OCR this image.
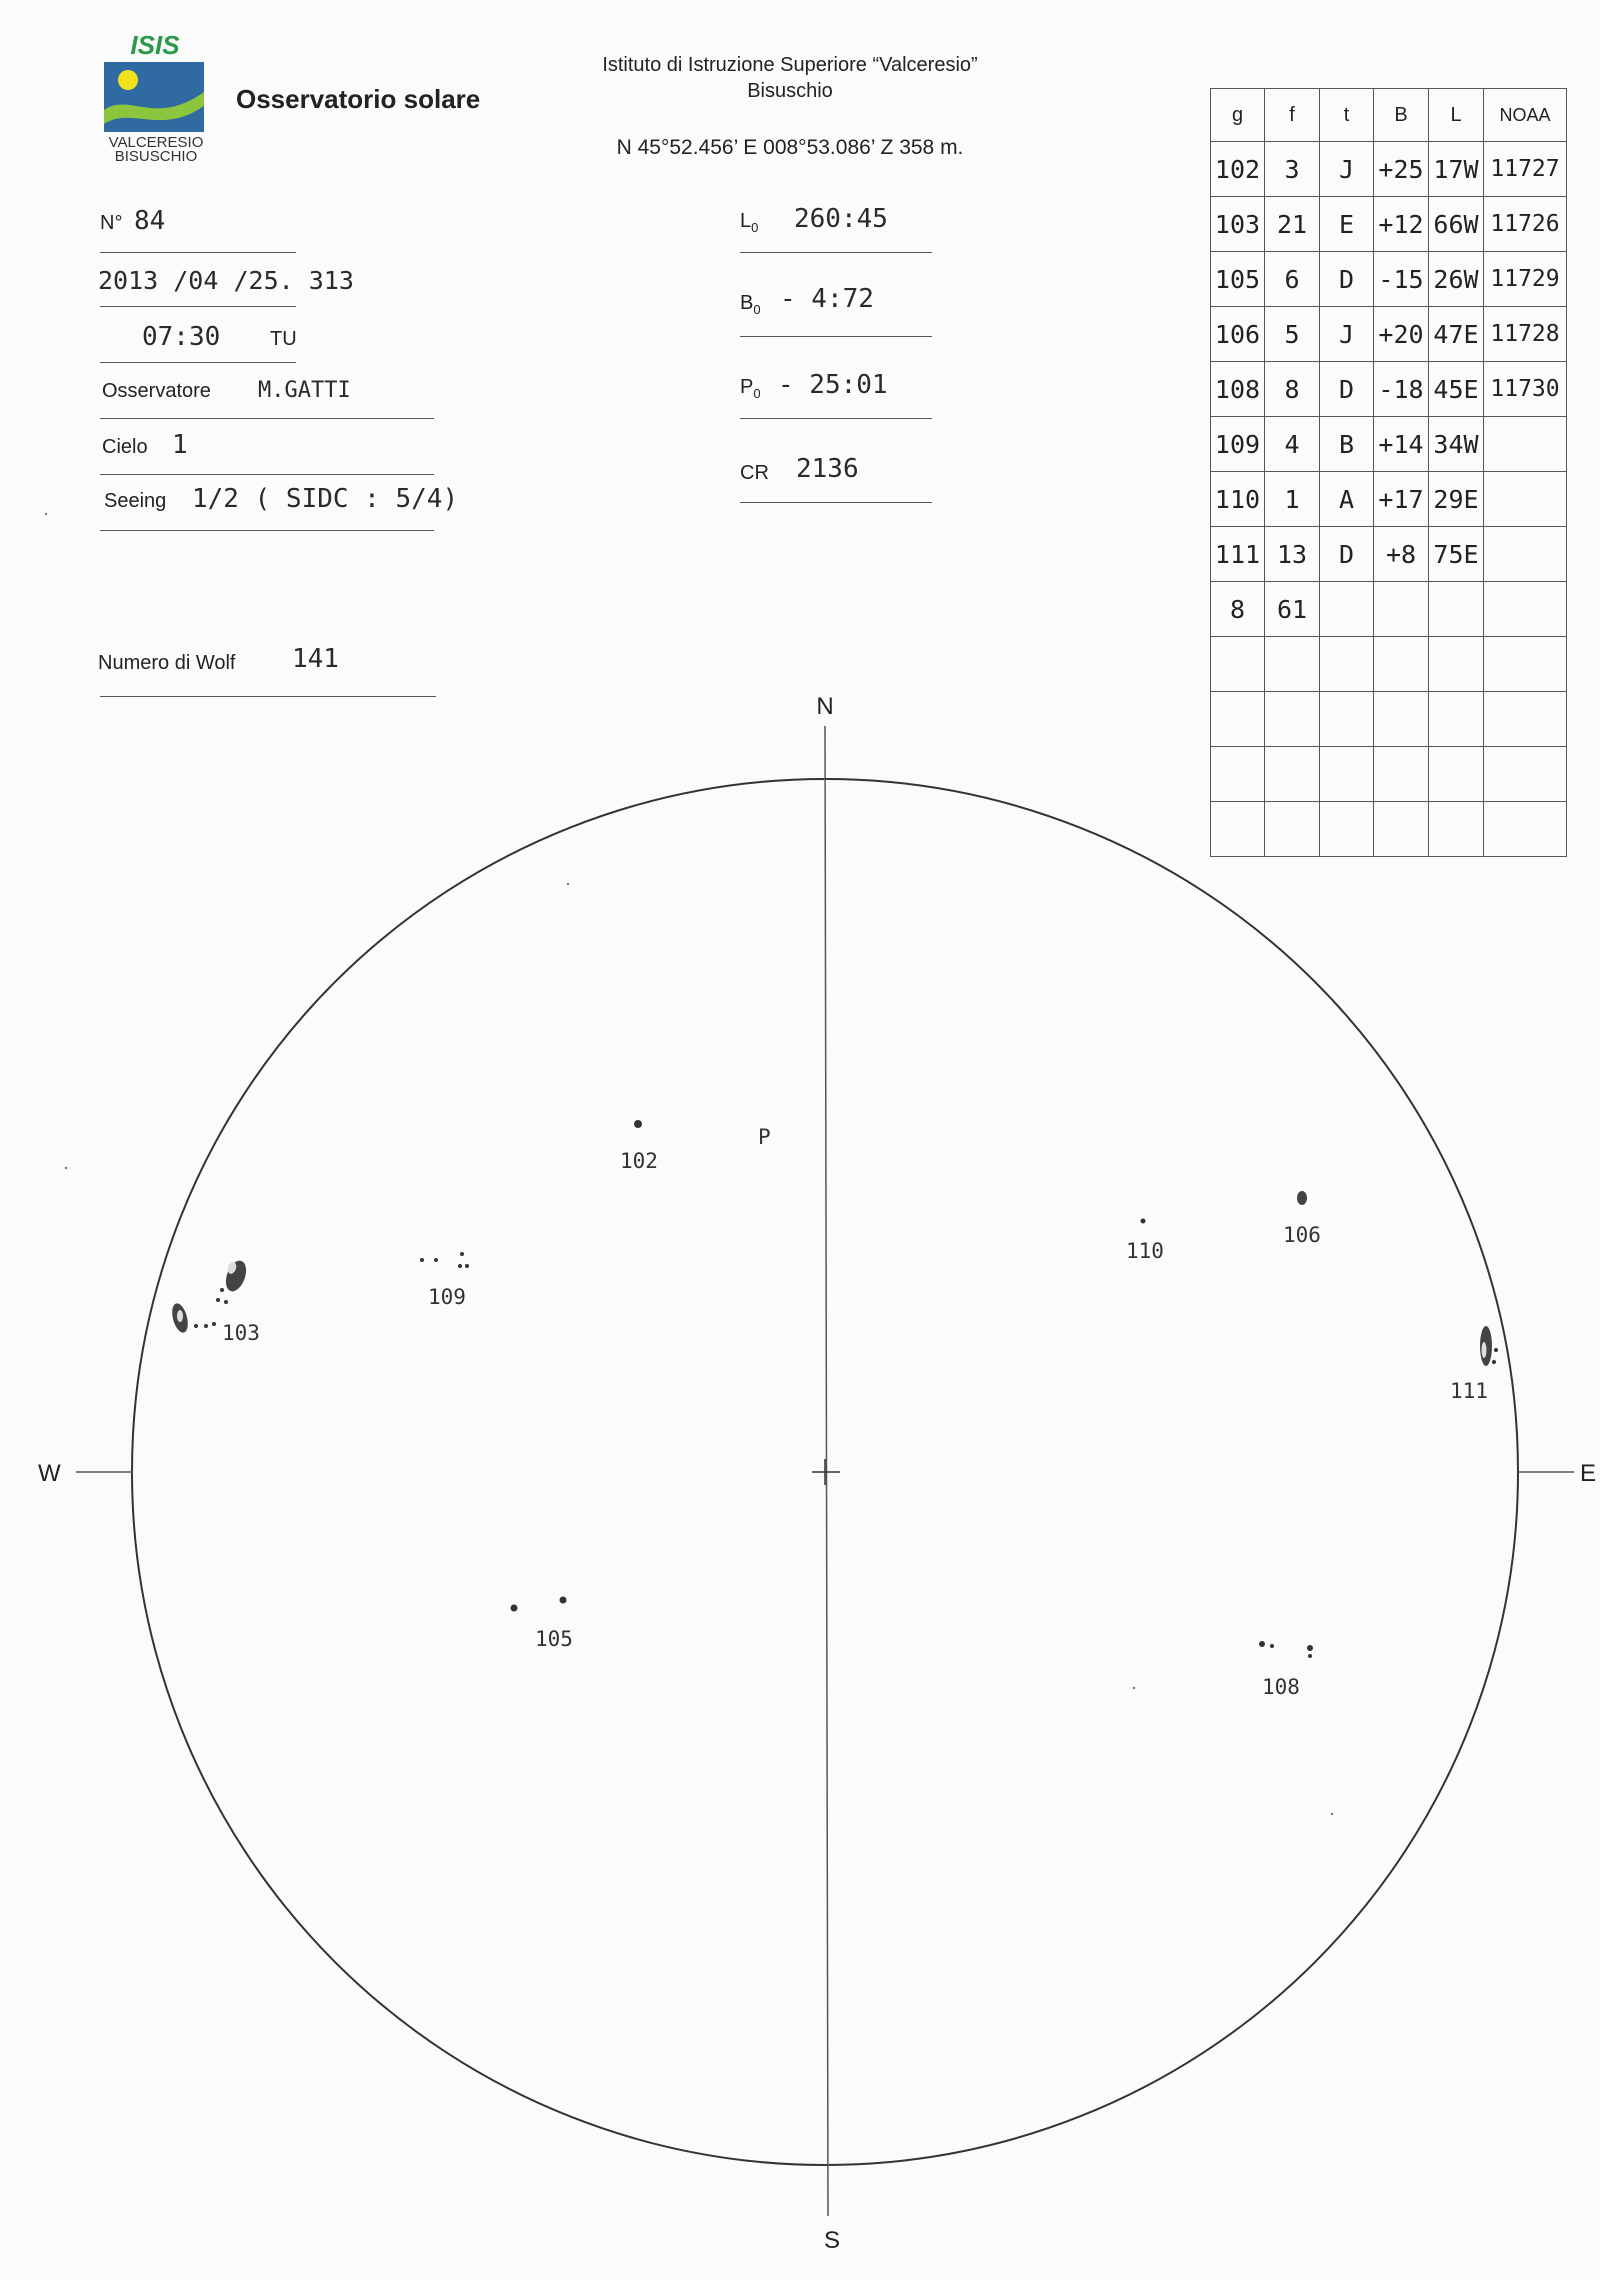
ISIS
VALCERESIO
BISUSCHIO
Osservatorio solare
Istituto di Istruzione Superiore “Valceresio”
Bisuschio
N 45°52.456’ E 008°53.086’ Z 358 m.
N° 84
2013 /04 /25. 313
07:30 TU
Osservatore M.GATTI
Cielo 1
Seeing 1/2 ( SIDC : 5/4)
Numero di Wolf 141
$L_0$ 260:45
$B_0$ - 4:72
$P_0$ - 25:01
CR 2136
g	f	t	B	L	NOAA
102	3	J	+25	17W	11727
103	21	E	+12	66W	11726
105	6	D	-15	26W	11729
106	5	J	+20	47E	11728
108	8	D	-18	45E	11730
109	4	B	+14	34W	
110	1	A	+17	29E	
111	13	D	+8	75E	
8	61				

N
S
W	E
P
102
103
105
106
108
109
110
111
